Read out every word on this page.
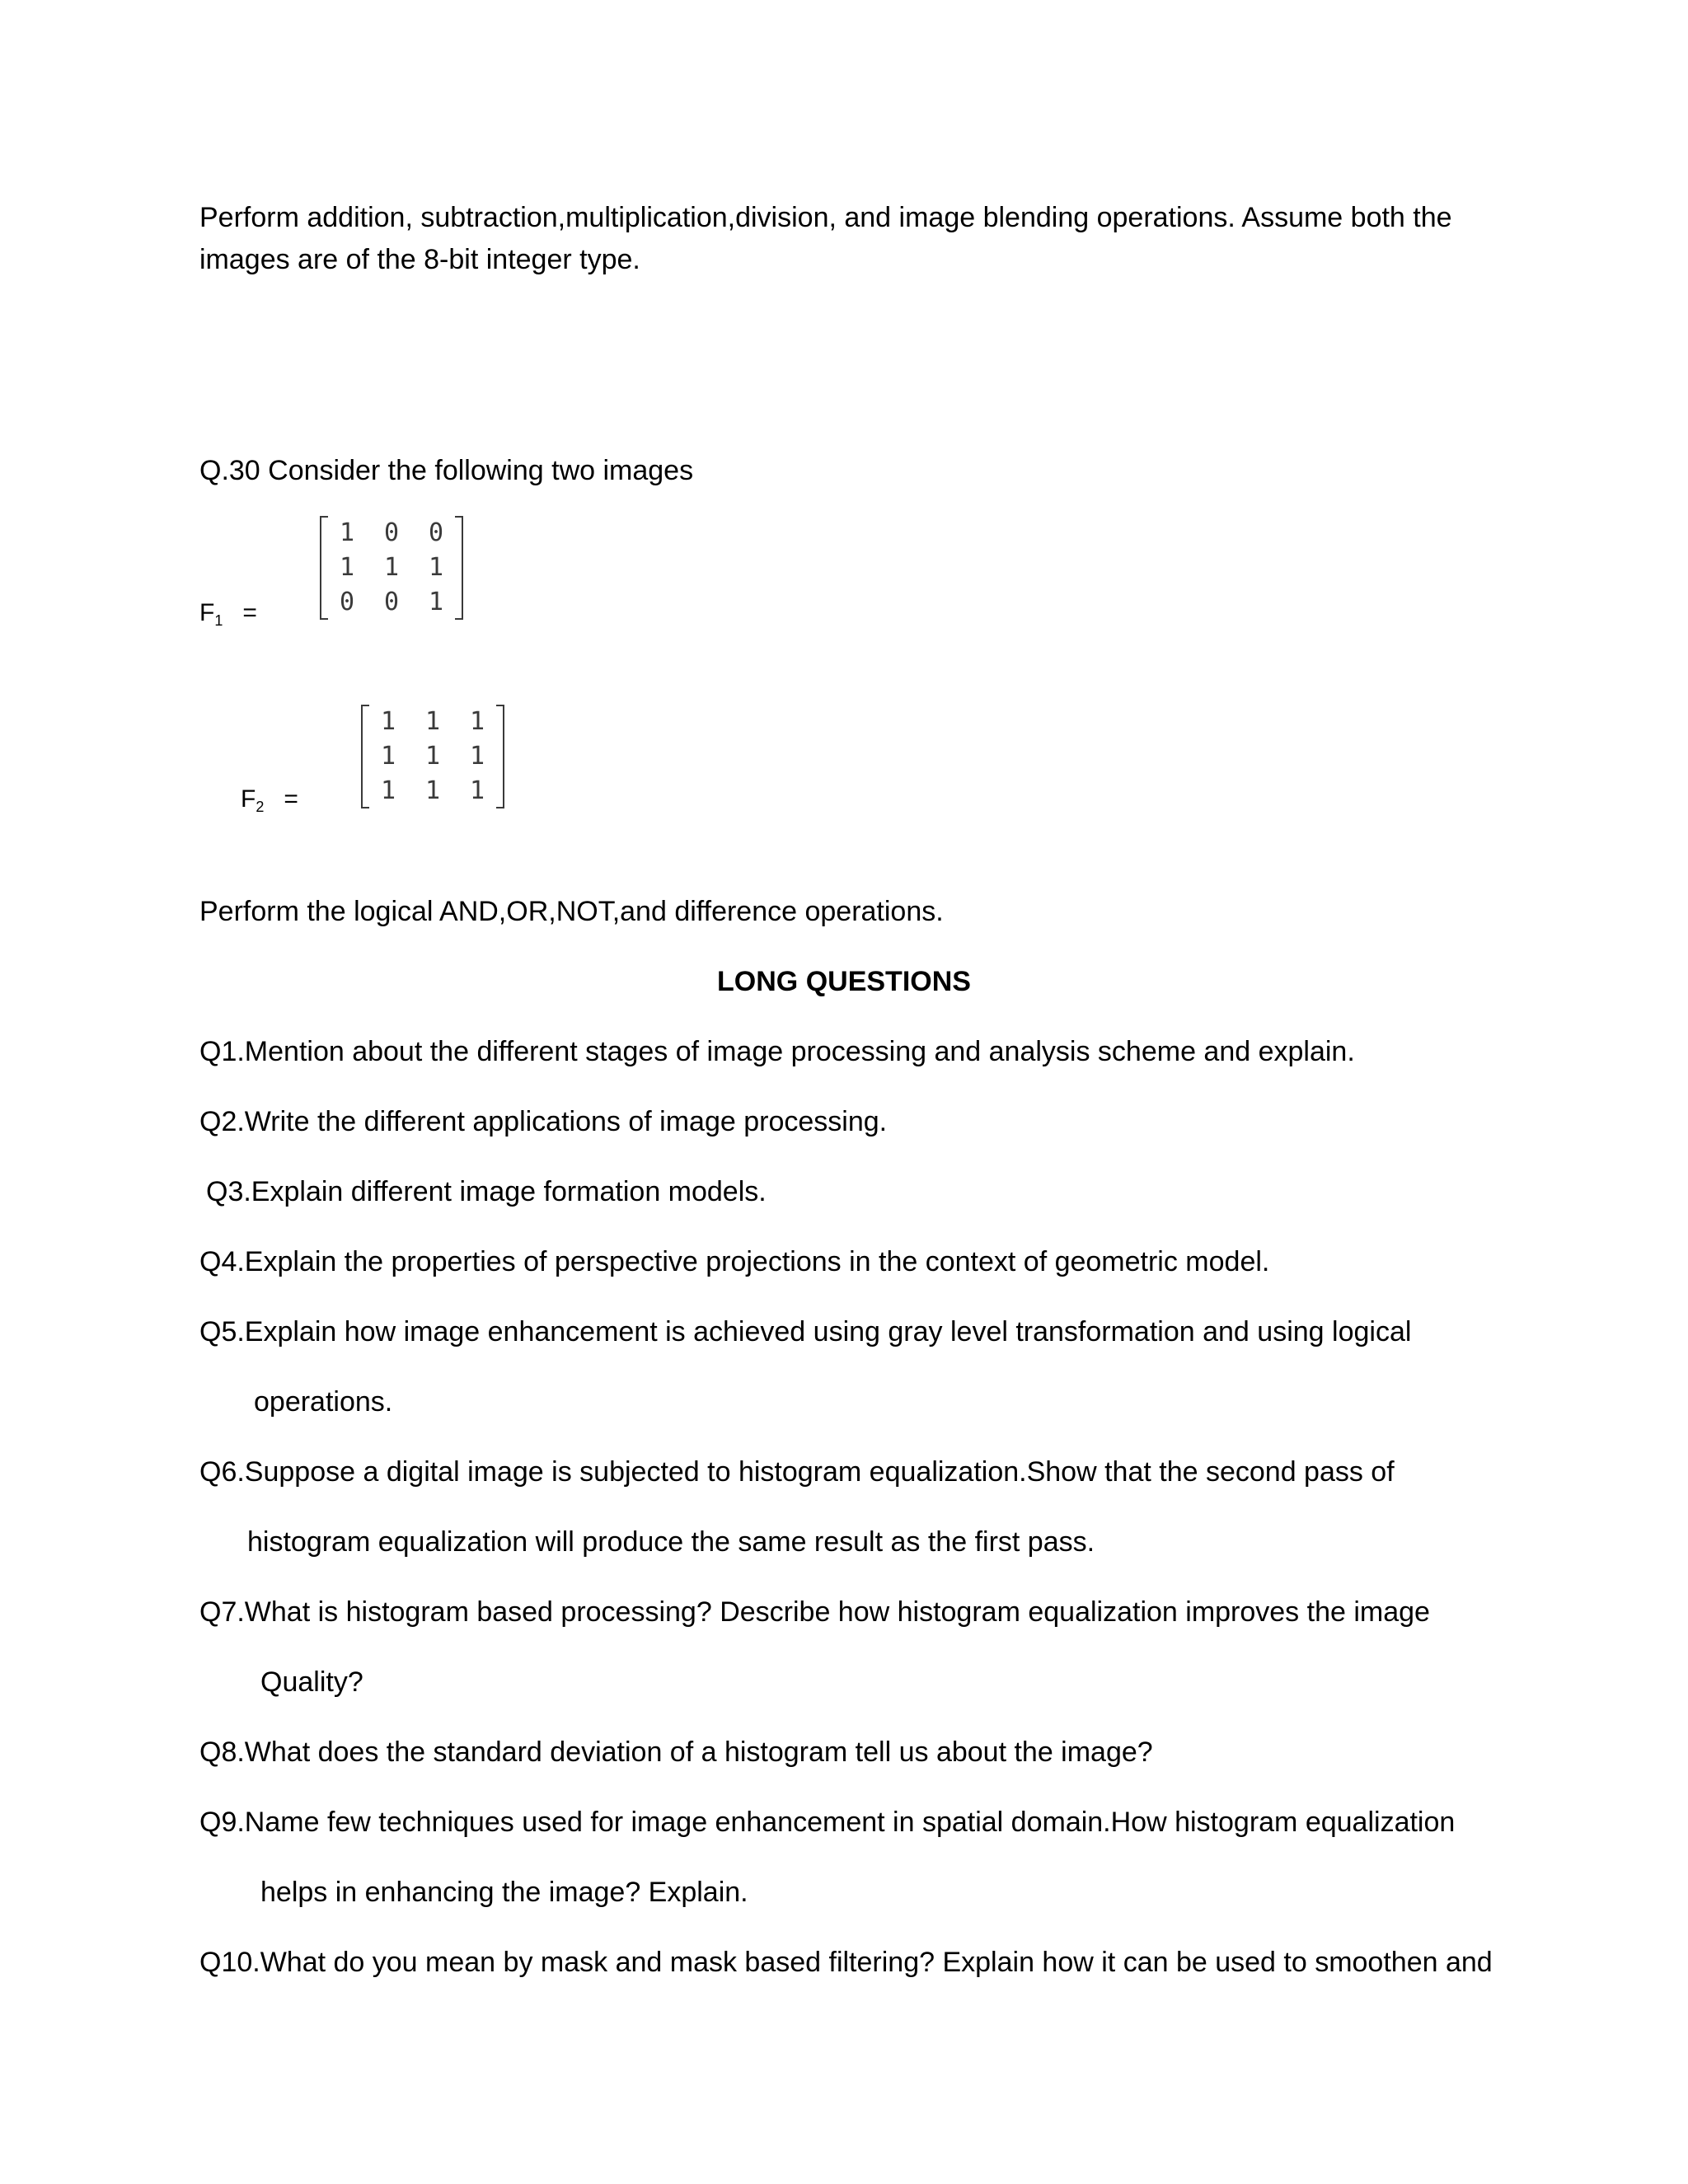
Perform addition, subtraction,multiplication,division, and image blending operations. Assume both the
images are of the 8-bit integer type.
Q.30 Consider the following two images
$F_1$ =
1	0	0
1	1	1
0	0	1
$F_2$ =
1	1	1
1	1	1
1	1	1
Perform the logical AND,OR,NOT,and difference operations.
LONG QUESTIONS
Q1.Mention about the different stages of image processing and analysis scheme and explain.
Q2.Write the different applications of image processing.
Q3.Explain different image formation models.
Q4.Explain the properties of perspective projections in the context of geometric model.
Q5.Explain how image enhancement is achieved using gray level transformation and using logical
operations.
Q6.Suppose a digital image is subjected to histogram equalization.Show that the second pass of
histogram equalization will produce the same result as the first pass.
Q7.What is histogram based processing? Describe how histogram equalization improves the image
Quality?
Q8.What does the standard deviation of a histogram tell us about the image?
Q9.Name few techniques used for image enhancement in spatial domain.How histogram equalization
helps in enhancing the image? Explain.
Q10.What do you mean by mask and mask based filtering? Explain how it can be used to smoothen and
